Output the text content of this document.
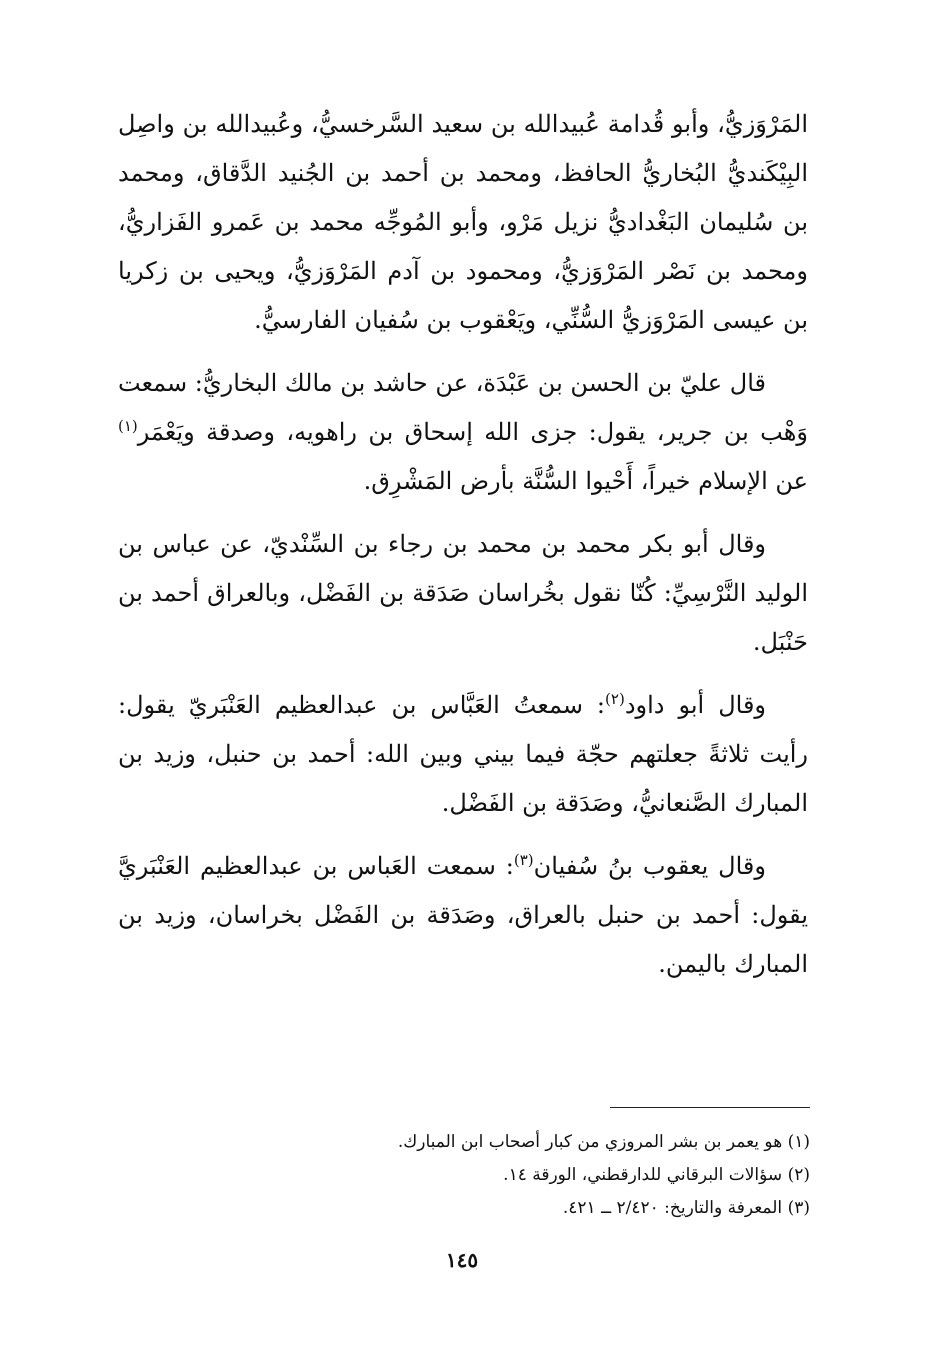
المَرْوَزيُّ، وأبو قُدامة عُبيدالله بن سعيد السَّرخسيُّ، وعُبيدالله بن واصِل البِيْكَنديُّ البُخاريُّ الحافظ، ومحمد بن أحمد بن الجُنيد الدَّقاق، ومحمد بن سُليمان البَغْداديُّ نزيل مَرْو، وأبو المُوجِّه محمد بن عَمرو الفَزاريُّ، ومحمد بن نَصْر المَرْوَزيُّ، ومحمود بن آدم المَرْوَزيُّ، ويحيى بن زكريا بن عيسى المَرْوَزيُّ السُّنِّي، ويَعْقوب بن سُفيان الفارسيُّ.

قال عليّ بن الحسن بن عَبْدَة، عن حاشد بن مالك البخاريُّ: سمعت وَهْب بن جرير، يقول: جزى الله إسحاق بن راهويه، وصدقة ويَعْمَر$^{(١)}$ عن الإسلام خيراً، أَحْيوا السُّنَّة بأرض المَشْرِق.

وقال أبو بكر محمد بن محمد بن رجاء بن السِّنْديّ، عن عباس بن الوليد النَّرْسِيِّ: كُنّا نقول بخُراسان صَدَقة بن الفَضْل، وبالعراق أحمد بن حَنْبَل.

وقال أبو داود$^{(٢)}$: سمعتُ العَبَّاس بن عبدالعظيم العَنْبَريّ يقول: رأيت ثلاثةً جعلتهم حجّة فيما بيني وبين الله: أحمد بن حنبل، وزيد بن المبارك الصَّنعانيُّ، وصَدَقة بن الفَضْل.

وقال يعقوب بنُ سُفيان$^{(٣)}$: سمعت العَباس بن عبدالعظيم العَنْبَريَّ يقول: أحمد بن حنبل بالعراق، وصَدَقة بن الفَضْل بخراسان، وزيد بن المبارك باليمن.

(١) هو يعمر بن بشر المروزي من كبار أصحاب ابن المبارك.

(٢) سؤالات البرقاني للدارقطني، الورقة ١٤.

(٣) المعرفة والتاريخ: ٢/٤٢٠ ــ ٤٢١.

١٤٥
